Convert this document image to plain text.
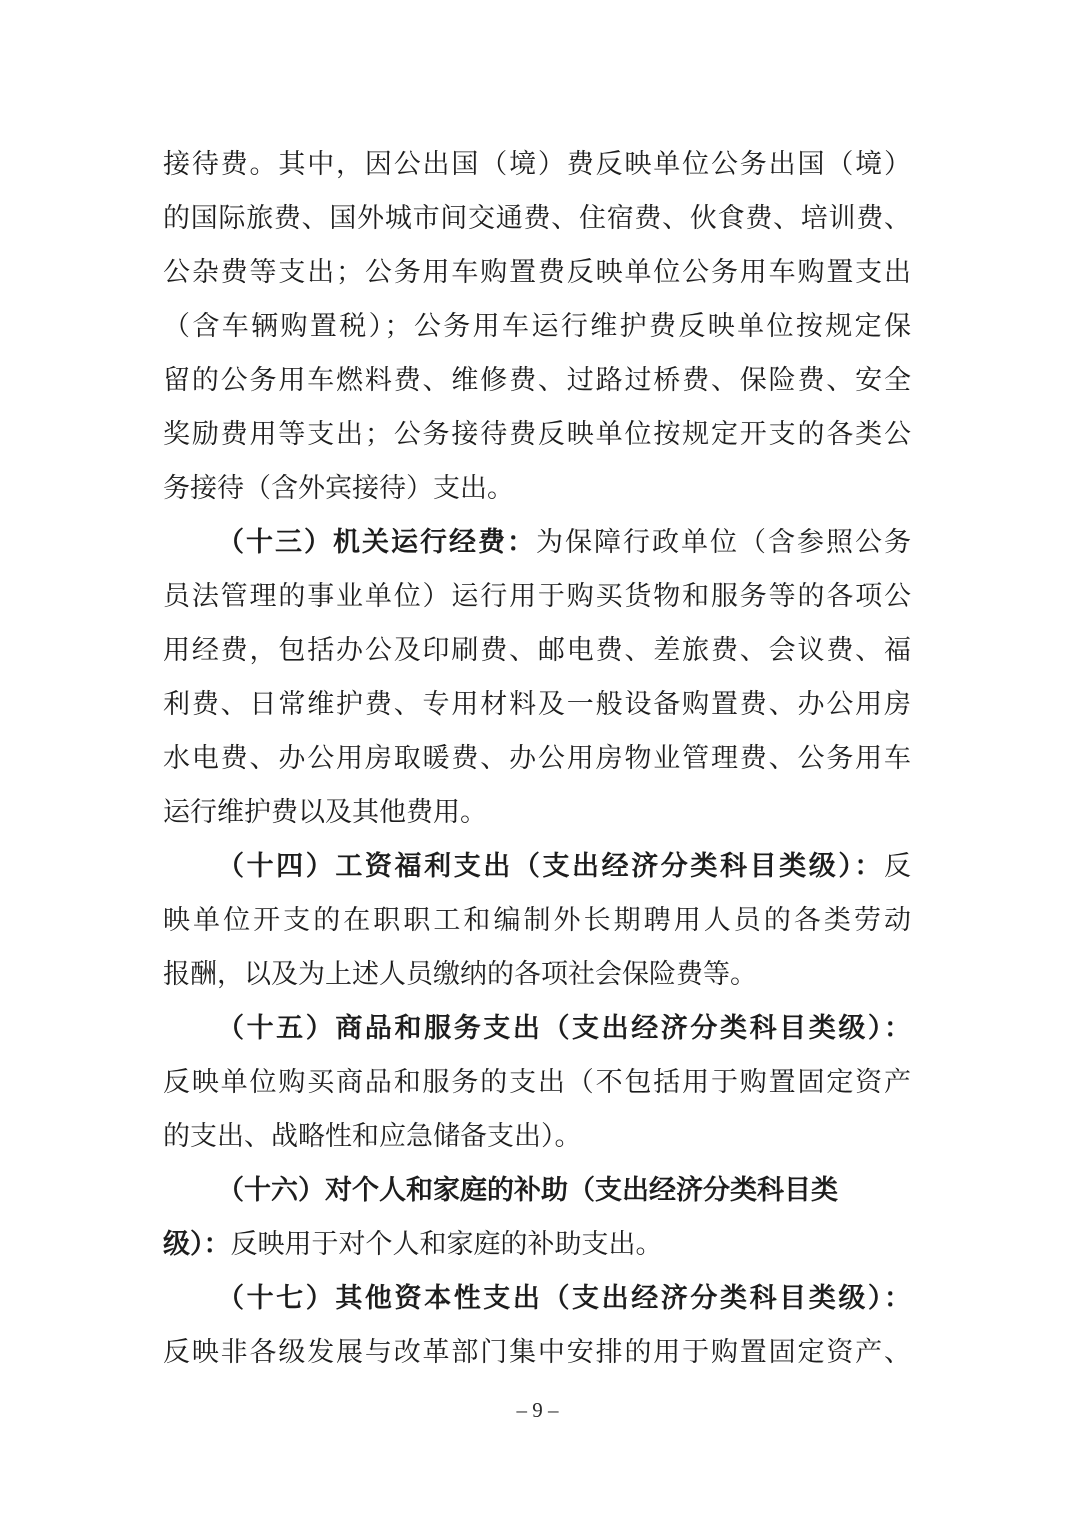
接待费。其中，因公出国（境）费反映单位公务出国（境）
的国际旅费、国外城市间交通费、住宿费、伙食费、培训费、
公杂费等支出；公务用车购置费反映单位公务用车购置支出
（含车辆购置税）；公务用车运行维护费反映单位按规定保
留的公务用车燃料费、维修费、过路过桥费、保险费、安全
奖励费用等支出；公务接待费反映单位按规定开支的各类公
务接待（含外宾接待）支出。
（十三）机关运行经费：为保障行政单位（含参照公务
员法管理的事业单位）运行用于购买货物和服务等的各项公
用经费，包括办公及印刷费、邮电费、差旅费、会议费、福
利费、日常维护费、专用材料及一般设备购置费、办公用房
水电费、办公用房取暖费、办公用房物业管理费、公务用车
运行维护费以及其他费用。
（十四）工资福利支出（支出经济分类科目类级）：反
映单位开支的在职职工和编制外长期聘用人员的各类劳动
报酬，以及为上述人员缴纳的各项社会保险费等。
（十五）商品和服务支出（支出经济分类科目类级）：
反映单位购买商品和服务的支出（不包括用于购置固定资产
的支出、战略性和应急储备支出）。
（十六）对个人和家庭的补助（支出经济分类科目类
级）：反映用于对个人和家庭的补助支出。
（十七）其他资本性支出（支出经济分类科目类级）：
反映非各级发展与改革部门集中安排的用于购置固定资产、
– 9 –
